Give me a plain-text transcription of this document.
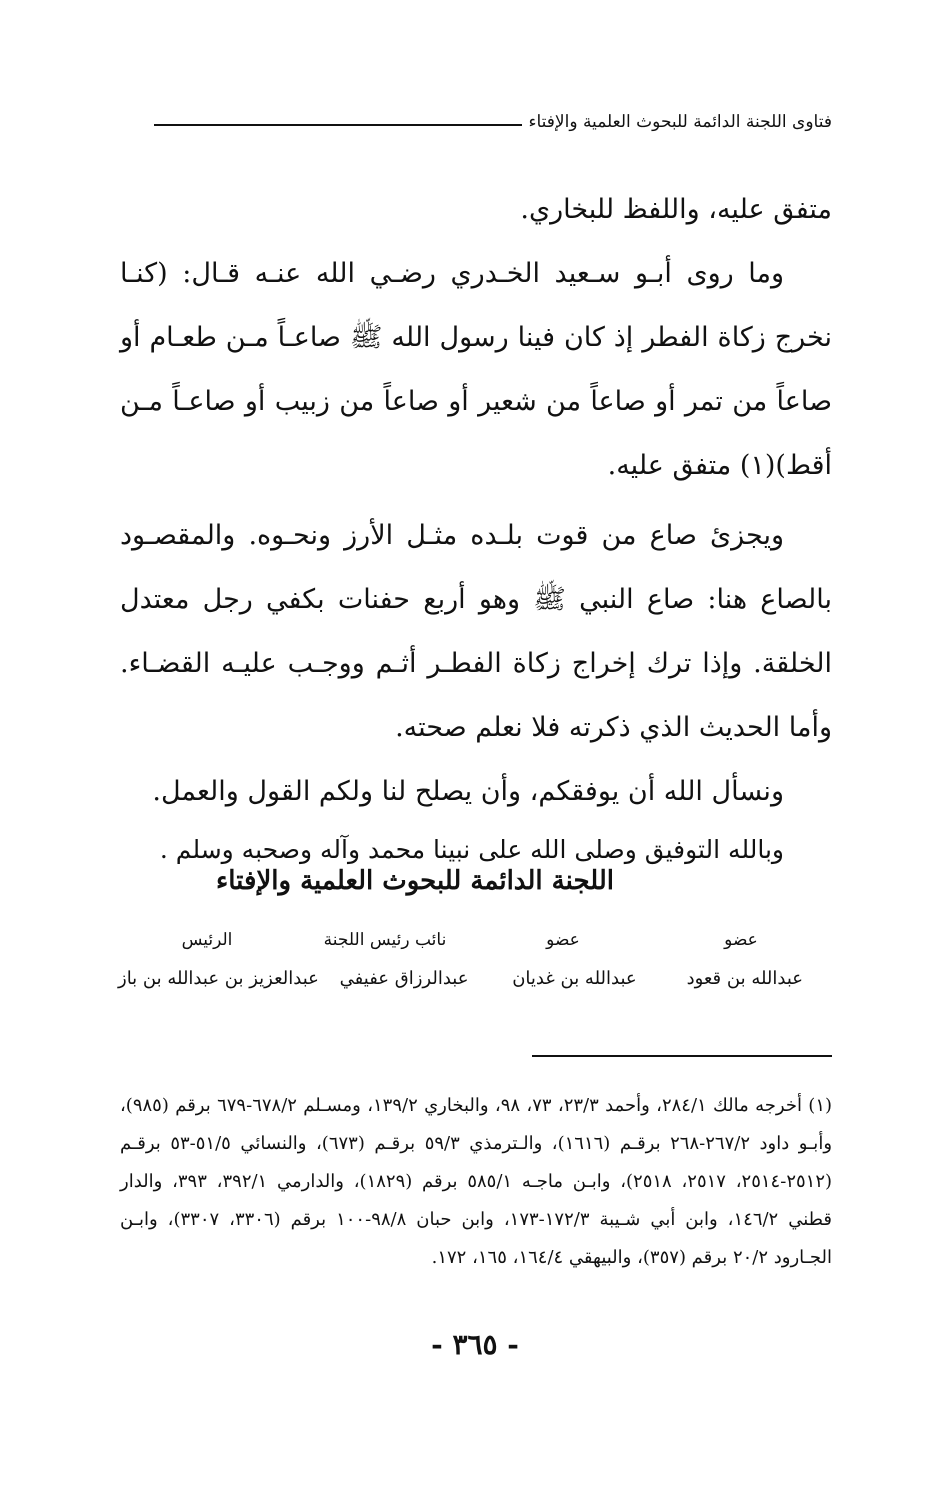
فتاوى اللجنة الدائمة للبحوث العلمية والإفتاء

متفق عليه، واللفظ للبخاري.

وما روى أبـو سـعيد الخـدري رضـي الله عنـه قـال: (كنـا نخرج زكاة الفطر إذ كان فينا رسول الله ﷺ صاعـاً مـن طعـام أو صاعاً من تمر أو صاعاً من شعير أو صاعاً من زبيب أو صاعـاً مـن أقط)(١) متفق عليه.

ويجزئ صاع من قوت بلـده مثـل الأرز ونحـوه. والمقصـود بالصاع هنا: صاع النبي ﷺ وهو أربع حفنات بكفي رجل معتدل الخلقة. وإذا ترك إخراج زكاة الفطـر أثـم ووجـب عليـه القضـاء. وأما الحديث الذي ذكرته فلا نعلم صحته.

ونسأل الله أن يوفقكم، وأن يصلح لنا ولكم القول والعمل.

وبالله التوفيق وصلى الله على نبينا محمد وآله وصحبه وسلم .

اللجنة الدائمة للبحوث العلمية والإفتاء
عضو
عضو
نائب رئيس اللجنة
الرئيس
عبدالله بن قعود
عبدالله بن غديان
عبدالرزاق عفيفي
عبدالعزيز بن عبدالله بن باز
(١) أخرجه مالك ٢٨٤/١، وأحمد ٢٣/٣، ٧٣، ٩٨، والبخاري ١٣٩/٢، ومسـلم ٦٧٨/٢-٦٧٩ برقم (٩٨٥)، وأبـو داود ٢٦٧/٢-٢٦٨ برقـم (١٦١٦)، والـترمذي ٥٩/٣ برقـم (٦٧٣)، والنسائي ٥١/٥-٥٣ برقـم (٢٥١٢-٢٥١٤، ٢٥١٧، ٢٥١٨)، وابـن ماجـه ٥٨٥/١ برقم (١٨٢٩)، والدارمي ٣٩٢/١، ٣٩٣، والدار قطني ١٤٦/٢، وابن أبي شـيبة ١٧٢/٣-١٧٣، وابن حبان ٩٨/٨-١٠٠ برقم (٣٣٠٦، ٣٣٠٧)، وابـن الجـارود ٢٠/٢ برقم (٣٥٧)، والبيهقي ١٦٤/٤، ١٦٥، ١٧٢.
- ٣٦٥ -
